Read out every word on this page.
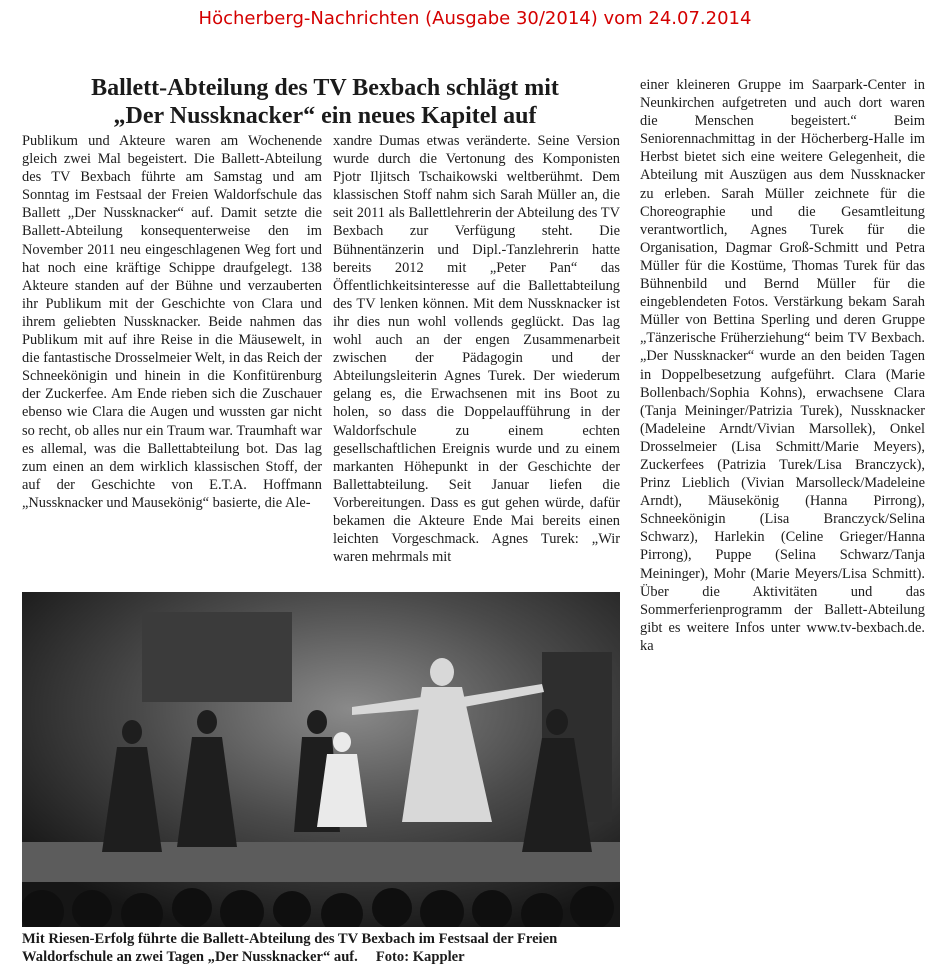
Höcherberg-Nachrichten (Ausgabe 30/2014) vom 24.07.2014
Ballett-Abteilung des TV Bexbach schlägt mit
„Der Nussknacker“ ein neues Kapitel auf

Publikum und Akteure waren am Wochenende gleich zwei Mal begeistert. Die Ballett-Abteilung des TV Bexbach führte am Samstag und am Sonntag im Festsaal der Freien Waldorfschule das Ballett „Der Nussknacker“ auf. Damit setzte die Ballett-Abteilung konsequenterweise den im November 2011 neu eingeschlagenen Weg fort und hat noch eine kräftige Schippe draufgelegt. 138 Akteure standen auf der Bühne und verzauberten ihr Publikum mit der Geschichte von Clara und ihrem geliebten Nussknacker. Beide nahmen das Publikum mit auf ihre Reise in die Mäusewelt, in die fantastische Drosselmeier Welt, in das Reich der Schneekönigin und hinein in die Konfitürenburg der Zuckerfee. Am Ende rieben sich die Zuschauer ebenso wie Clara die Augen und wussten gar nicht so recht, ob alles nur ein Traum war. Traumhaft war es allemal, was die Ballettabteilung bot. Das lag zum einen an dem wirklich klassischen Stoff, der auf der Geschichte von E.T.A. Hoffmann „Nussknacker und Mausekönig“ basierte, die Ale-

xandre Dumas etwas veränderte. Seine Version wurde durch die Vertonung des Komponisten Pjotr Iljitsch Tschaikowski weltberühmt. Dem klassischen Stoff nahm sich Sarah Müller an, die seit 2011 als Ballettlehrerin der Abteilung des TV Bexbach zur Verfügung steht. Die Bühnentänzerin und Dipl.-Tanzlehrerin hatte bereits 2012 mit „Peter Pan“ das Öffentlichkeitsinteresse auf die Ballettabteilung des TV lenken können. Mit dem Nussknacker ist ihr dies nun wohl vollends geglückt. Das lag wohl auch an der engen Zusammenarbeit zwischen der Pädagogin und der Abteilungsleiterin Agnes Turek. Der wiederum gelang es, die Erwachsenen mit ins Boot zu holen, so dass die Doppelaufführung in der Waldorfschule zu einem echten gesellschaftlichen Ereignis wurde und zu einem markanten Höhepunkt in der Geschichte der Ballettabteilung. Seit Januar liefen die Vorbereitungen. Dass es gut gehen würde, dafür bekamen die Akteure Ende Mai bereits einen leichten Vorgeschmack. Agnes Turek: „Wir waren mehrmals mit

einer kleineren Gruppe im Saarpark-Center in Neunkirchen aufgetreten und auch dort waren die Menschen begeistert.“ Beim Seniorennachmittag in der Höcherberg-Halle im Herbst bietet sich eine weitere Gelegenheit, die Abteilung mit Auszügen aus dem Nussknacker zu erleben. Sarah Müller zeichnete für die Choreographie und die Gesamtleitung verantwortlich, Agnes Turek für die Organisation, Dagmar Groß-Schmitt und Petra Müller für die Kostüme, Thomas Turek für das Bühnenbild und Bernd Müller für die eingeblendeten Fotos. Verstärkung bekam Sarah Müller von Bettina Sperling und deren Gruppe „Tänzerische Früherziehung“ beim TV Bexbach. „Der Nussknacker“ wurde an den beiden Tagen in Doppelbesetzung aufgeführt. Clara (Marie Bollenbach/Sophia Kohns), erwachsene Clara (Tanja Meininger/Patrizia Turek), Nussknacker (Madeleine Arndt/Vivian Marsollek), Onkel Drosselmeier (Lisa Schmitt/Marie Meyers), Zuckerfees (Patrizia Turek/Lisa Branczyck), Prinz Lieblich (Vivian Marsolleck/Madeleine Arndt), Mäusekönig (Hanna Pirrong), Schneekönigin (Lisa Branczyck/Selina Schwarz), Harlekin (Celine Grieger/Hanna Pirrong), Puppe (Selina Schwarz/Tanja Meininger), Mohr (Marie Meyers/Lisa Schmitt). Über die Aktivitäten und das Sommerferienprogramm der Ballett-Abteilung gibt es weitere Infos unter www.tv-bexbach.de. ka

Mit Riesen-Erfolg führte die Ballett-Abteilung des TV Bexbach im Festsaal der Freien Waldorfschule an zwei Tagen „Der Nussknacker“ auf. Foto: Kappler
